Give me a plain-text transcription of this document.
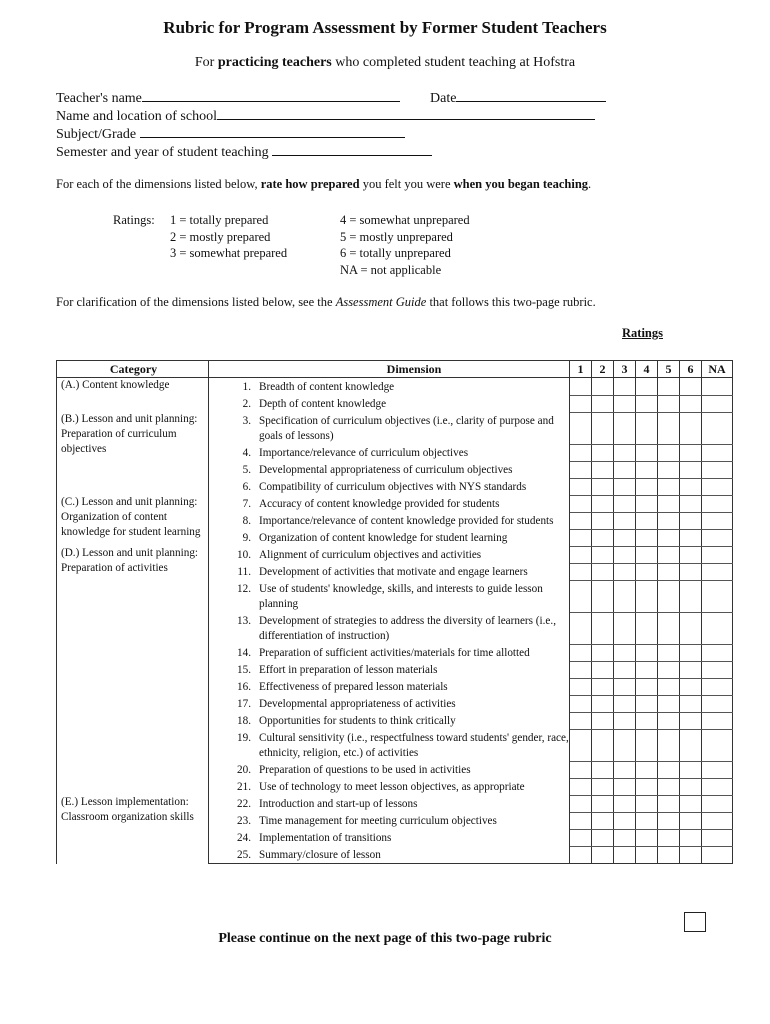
Rubric for Program Assessment by Former Student Teachers
For practicing teachers who completed student teaching at Hofstra
Teacher's name	Date
Name and location of school
Subject/Grade
Semester and year of student teaching
For each of the dimensions listed below, rate how prepared you felt you were when you began teaching.
Ratings: 1 = totally prepared
2 = mostly prepared
3 = somewhat prepared
4 = somewhat unprepared
5 = mostly unprepared
6 = totally unprepared
NA = not applicable
For clarification of the dimensions listed below, see the Assessment Guide that follows this two-page rubric.
Ratings
Category		Dimension	1	2	3	4	5	6	NA
(A.) Content knowledge	1.	Breadth of content knowledge							
	2.	Depth of content knowledge							
(B.) Lesson and unit planning: Preparation of curriculum objectives	3.	Specification of curriculum objectives (i.e., clarity of purpose and goals of lessons)							
	4.	Importance/relevance of curriculum objectives							
	5.	Developmental appropriateness of curriculum objectives							
	6.	Compatibility of curriculum objectives with NYS standards							
(C.) Lesson and unit planning: Organization of content knowledge for student learning	7.	Accuracy of content knowledge provided for students							
	8.	Importance/relevance of content knowledge provided for students							
	9.	Organization of content knowledge for student learning							
(D.) Lesson and unit planning: Preparation of activities	10.	Alignment of curriculum objectives and activities							
	11.	Development of activities that motivate and engage learners							
	12.	Use of students' knowledge, skills, and interests to guide lesson planning							
	13.	Development of strategies to address the diversity of learners (i.e., differentiation of instruction)							
	14.	Preparation of sufficient activities/materials for time allotted							
	15.	Effort in preparation of lesson materials							
	16.	Effectiveness of prepared lesson materials							
	17.	Developmental appropriateness of activities							
	18.	Opportunities for students to think critically							
	19.	Cultural sensitivity (i.e., respectfulness toward students' gender, race, ethnicity, religion, etc.) of activities							
	20.	Preparation of questions to be used in activities							
	21.	Use of technology to meet lesson objectives, as appropriate							
(E.) Lesson implementation: Classroom organization skills	22.	Introduction and start-up of lessons							
	23.	Time management for meeting curriculum objectives							
	24.	Implementation of transitions							
	25.	Summary/closure of lesson							
Please continue on the next page of this two-page rubric
